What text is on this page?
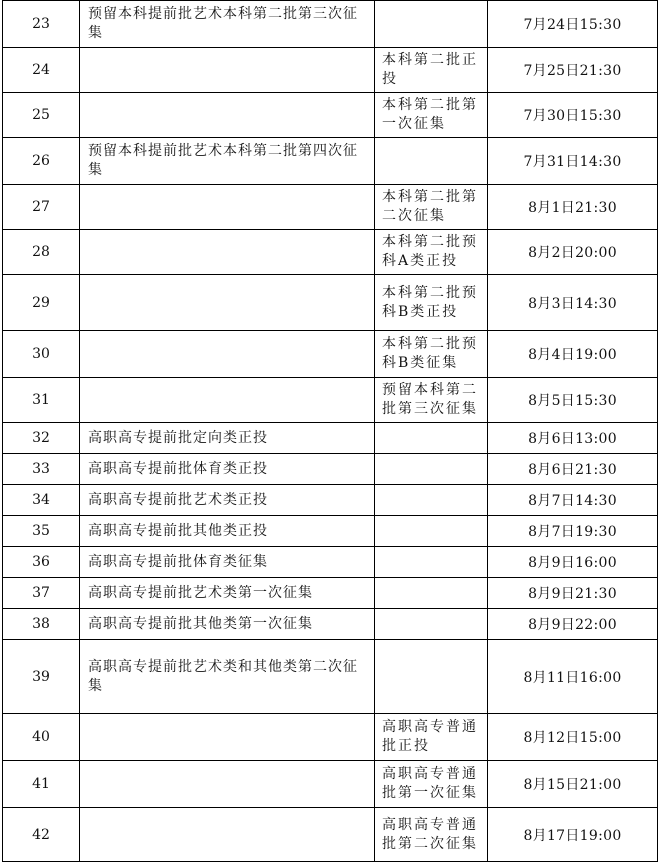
23	预留本科提前批艺术本科第二批第三次征集		7月24日15:30
24		本科第二批正投	7月25日21:30
25		本科第二批第一次征集	7月30日15:30
26	预留本科提前批艺术本科第二批第四次征集		7月31日14:30
27		本科第二批第二次征集	8月1日21:30
28		本科第二批预科A类正投	8月2日20:00
29		本科第二批预科B类正投	8月3日14:30
30		本科第二批预科B类征集	8月4日19:00
31		预留本科第二批第三次征集	8月5日15:30
32	高职高专提前批定向类正投		8月6日13:00
33	高职高专提前批体育类正投		8月6日21:30
34	高职高专提前批艺术类正投		8月7日14:30
35	高职高专提前批其他类正投		8月7日19:30
36	高职高专提前批体育类征集		8月9日16:00
37	高职高专提前批艺术类第一次征集		8月9日21:30
38	高职高专提前批其他类第一次征集		8月9日22:00
39	高职高专提前批艺术类和其他类第二次征集		8月11日16:00
40		高职高专普通批正投	8月12日15:00
41		高职高专普通批第一次征集	8月15日21:00
42		高职高专普通批第二次征集	8月17日19:00
